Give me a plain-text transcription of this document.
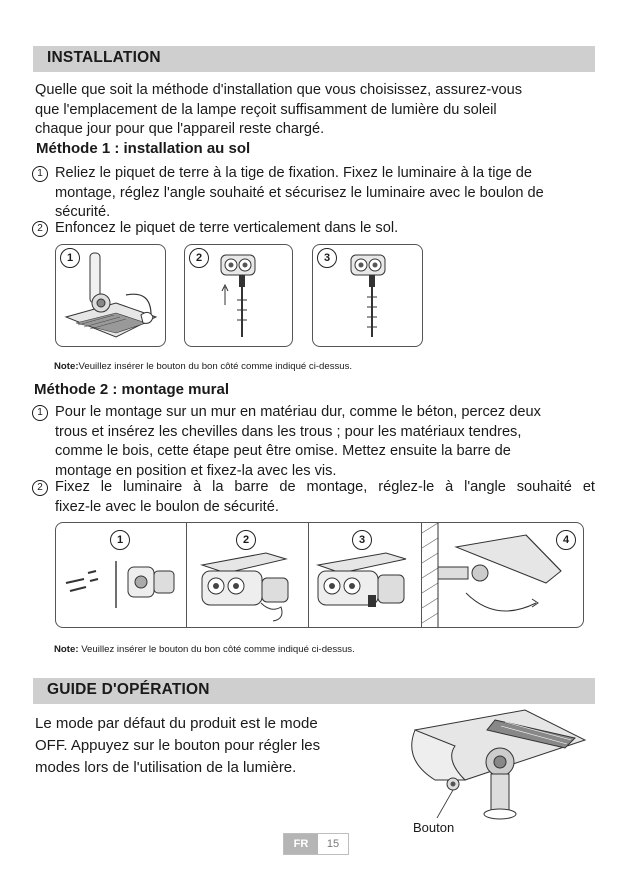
INSTALLATION
Quelle que soit la méthode d'installation que vous choisissez, assurez-vous
que l'emplacement de la lampe reçoit suffisamment de lumière du soleil
chaque jour pour que l'appareil reste chargé.
Méthode 1 : installation au sol
1 Reliez le piquet de terre à la tige de fixation. Fixez le luminaire à la tige de
montage, réglez l'angle souhaité et sécurisez le luminaire avec le boulon de
sécurité.
2 Enfoncez le piquet de terre verticalement dans le sol.
1	2	3
Note:Veuillez insérer le bouton du bon côté comme indiqué ci-dessus.
Méthode 2 : montage mural
1 Pour le montage sur un mur en matériau dur, comme le béton, percez deux
trous et insérez les chevilles dans les trous ; pour les matériaux tendres,
comme le bois, cette étape peut être omise. Mettez ensuite la barre de
montage en position et fixez-la avec les vis.
2 Fixez le luminaire à la barre de montage, réglez-le à l'angle souhaité et
fixez-le avec le boulon de sécurité.
1	2	3	4
Note: Veuillez insérer le bouton du bon côté comme indiqué ci-dessus.
GUIDE D'OPÉRATION
Le mode par défaut du produit est le mode
OFF. Appuyez sur le bouton pour régler les
modes lors de l'utilisation de la lumière.
Bouton
FR	15
